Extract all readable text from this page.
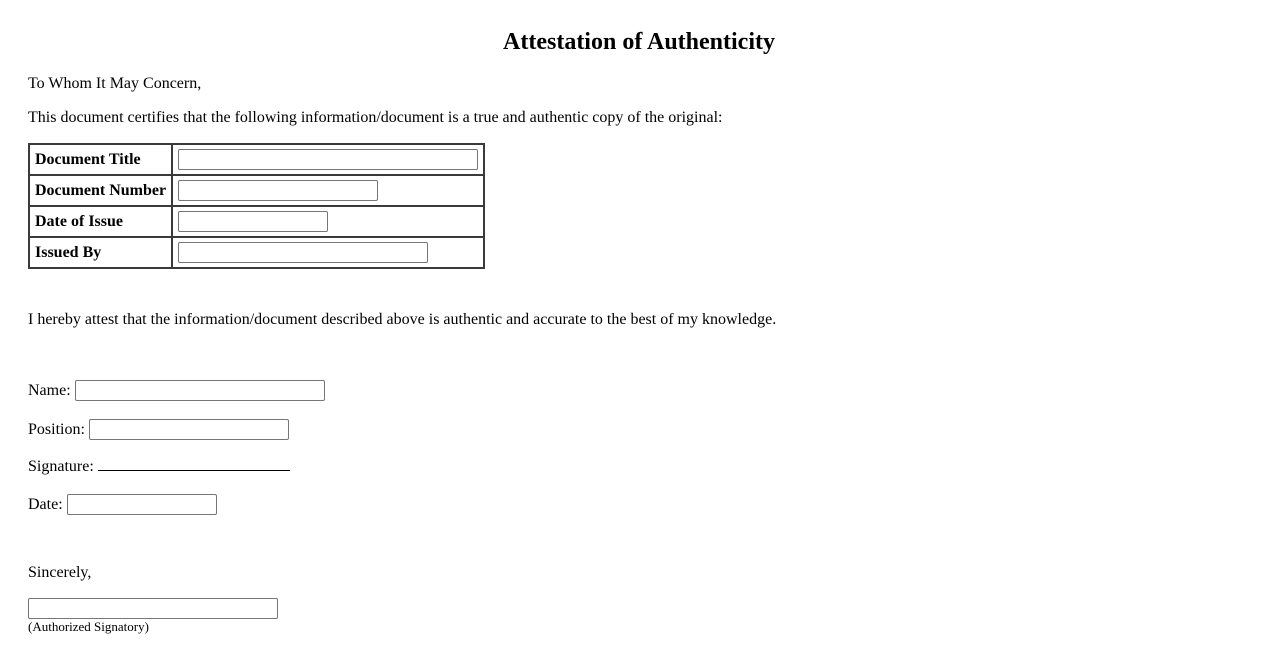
Attestation of Authenticity

To Whom It May Concern,

This document certifies that the following information/document is a true and authentic copy of the original:

Document Title	
Document Number	
Date of Issue	
Issued By	

I hereby attest that the information/document described above is authentic and accurate to the best of my knowledge.

Name:
Position:
Signature:
Date:

Sincerely,

(Authorized Signatory)
